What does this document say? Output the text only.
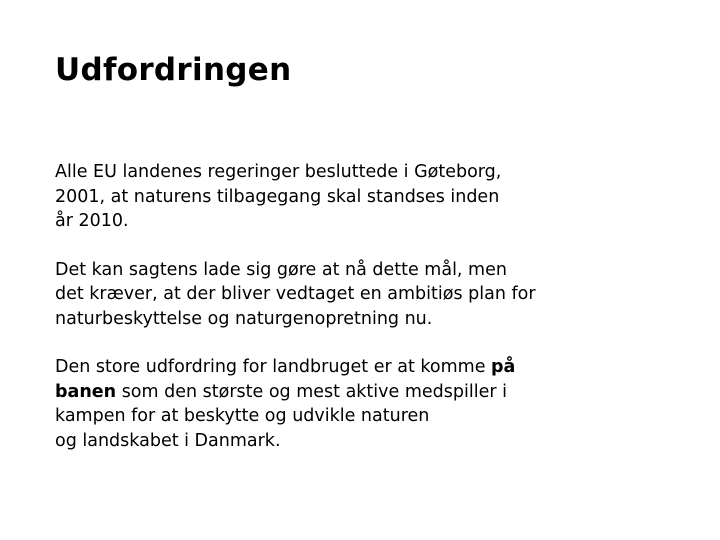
Udfordringen

Alle EU landenes regeringer besluttede i Gøteborg,
2001, at naturens tilbagegang skal standses inden
år 2010.

Det kan sagtens lade sig gøre at nå dette mål, men
det kræver, at der bliver vedtaget en ambitiøs plan for
naturbeskyttelse og naturgenopretning nu.

Den store udfordring for landbruget er at komme på
banen som den største og mest aktive medspiller i
kampen for at beskytte og udvikle naturen
og landskabet i Danmark.
